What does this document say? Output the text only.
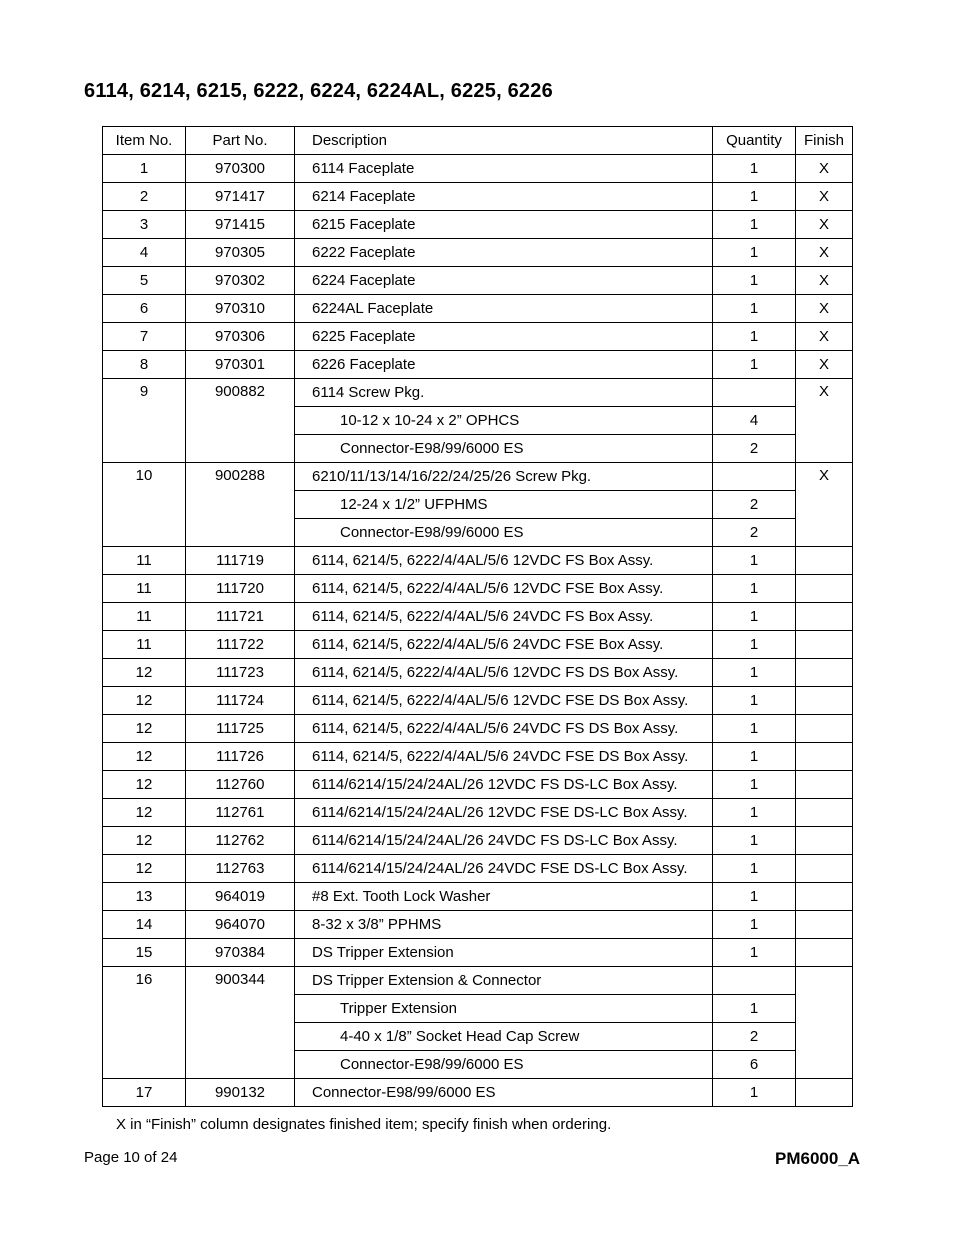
6114, 6214, 6215, 6222, 6224, 6224AL, 6225, 6226
Item No.	Part No.	Description	Quantity	Finish
1	970300	6114 Faceplate	1	X
2	971417	6214 Faceplate	1	X
3	971415	6215 Faceplate	1	X
4	970305	6222 Faceplate	1	X
5	970302	6224 Faceplate	1	X
6	970310	6224AL Faceplate	1	X
7	970306	6225 Faceplate	1	X
8	970301	6226 Faceplate	1	X
9	900882	6114 Screw Pkg.		X
		10-12 x 10-24 x 2” OPHCS	4	
		Connector-E98/99/6000 ES	2	
10	900288	6210/11/13/14/16/22/24/25/26 Screw Pkg.		X
		12-24 x 1/2” UFPHMS	2	
		Connector-E98/99/6000 ES	2	
11	111719	6114, 6214/5, 6222/4/4AL/5/6 12VDC FS Box Assy.	1	
11	111720	6114, 6214/5, 6222/4/4AL/5/6 12VDC FSE Box Assy.	1	
11	111721	6114, 6214/5, 6222/4/4AL/5/6 24VDC FS Box Assy.	1	
11	111722	6114, 6214/5, 6222/4/4AL/5/6 24VDC FSE Box Assy.	1	
12	111723	6114, 6214/5, 6222/4/4AL/5/6 12VDC FS DS Box Assy.	1	
12	111724	6114, 6214/5, 6222/4/4AL/5/6 12VDC FSE DS Box Assy.	1	
12	111725	6114, 6214/5, 6222/4/4AL/5/6 24VDC FS DS Box Assy.	1	
12	111726	6114, 6214/5, 6222/4/4AL/5/6 24VDC FSE DS Box Assy.	1	
12	112760	6114/6214/15/24/24AL/26 12VDC FS DS-LC Box Assy.	1	
12	112761	6114/6214/15/24/24AL/26 12VDC FSE DS-LC Box Assy.	1	
12	112762	6114/6214/15/24/24AL/26 24VDC FS DS-LC Box Assy.	1	
12	112763	6114/6214/15/24/24AL/26 24VDC FSE DS-LC Box Assy.	1	
13	964019	#8 Ext. Tooth Lock Washer	1	
14	964070	8-32 x 3/8” PPHMS	1	
15	970384	DS Tripper Extension	1	
16	900344	DS Tripper Extension & Connector		
		Tripper Extension	1	
		4-40 x 1/8” Socket Head Cap Screw	2	
		Connector-E98/99/6000 ES	6	
17	990132	Connector-E98/99/6000 ES	1	
X in “Finish” column designates finished item; specify finish when ordering.
Page 10 of 24	PM6000_A
